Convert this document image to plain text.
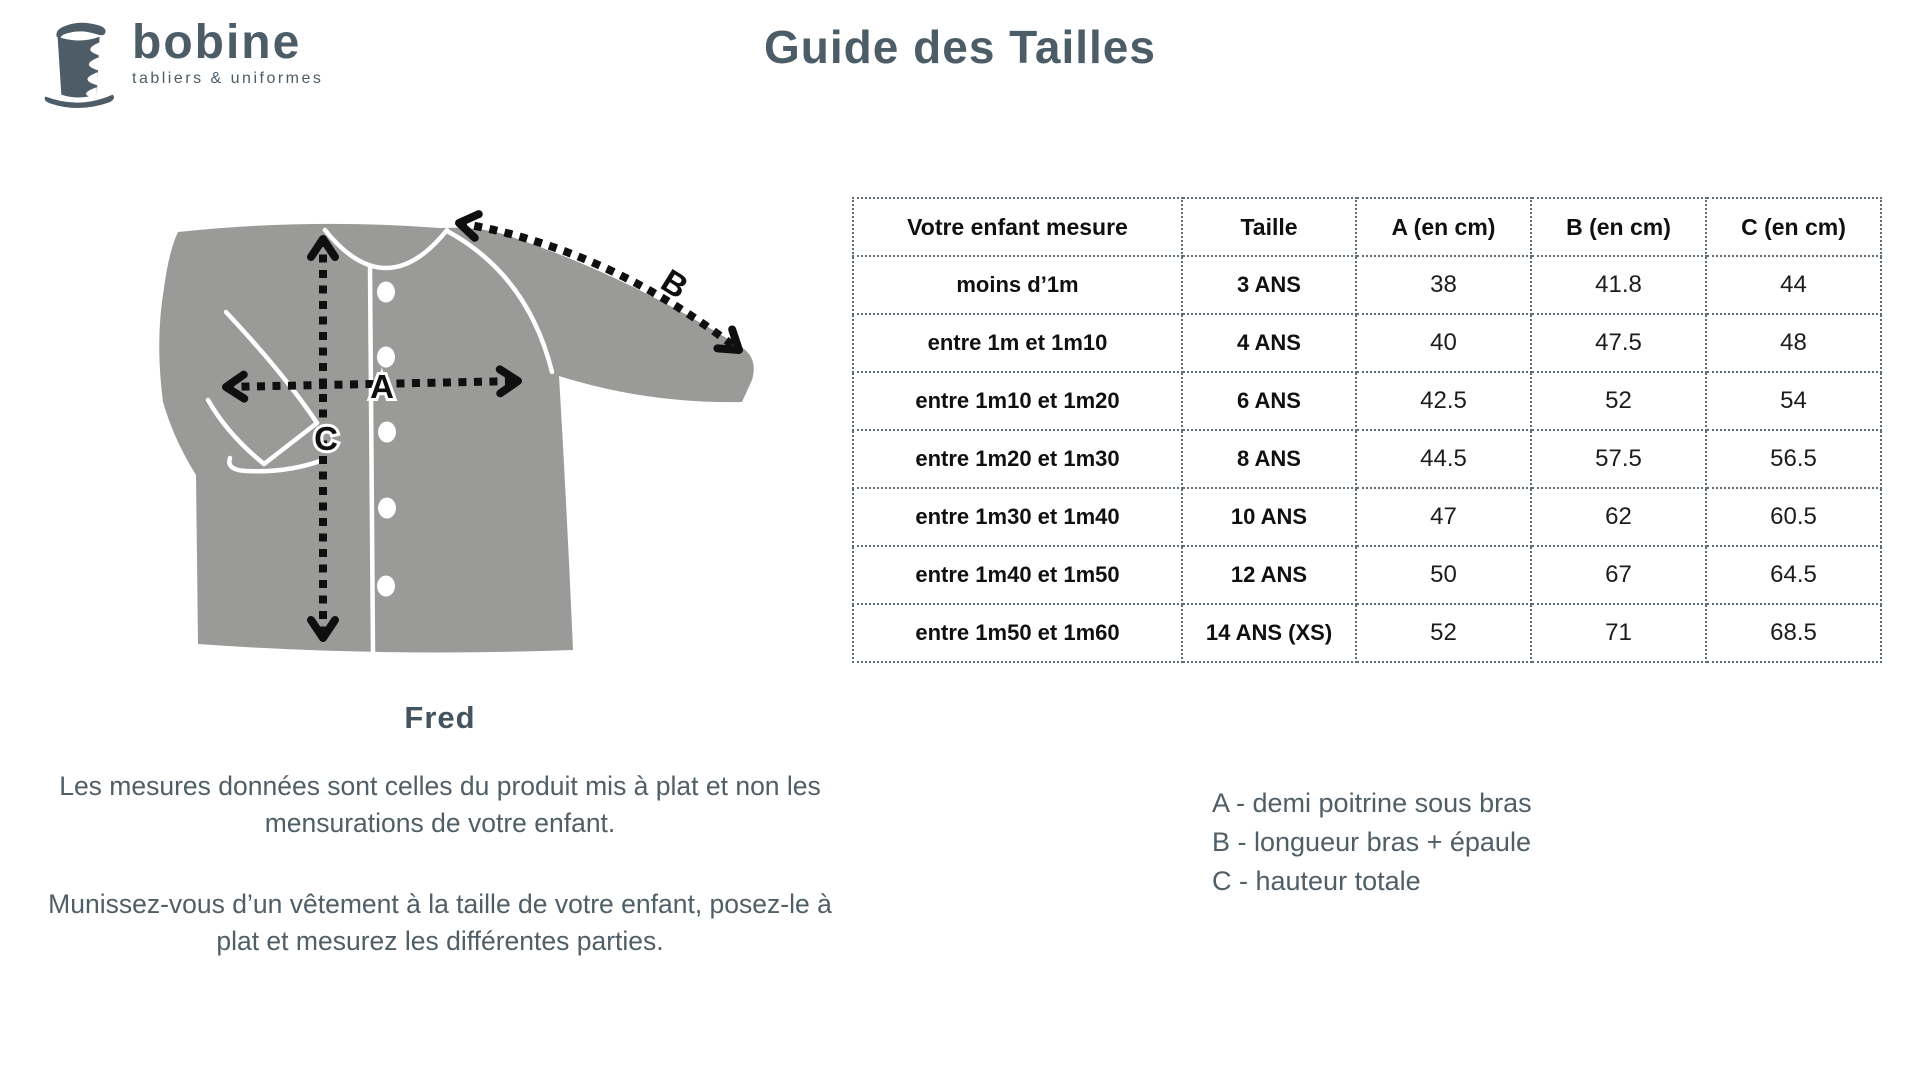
bobine
tabliers & uniformes
Guide des Tailles
A
B
C
Fred

Les mesures données sont celles du produit mis à plat et non les mensurations de votre enfant.

Munissez-vous d’un vêtement à la taille de votre enfant, posez-le à plat et mesurez les différentes parties.

Votre enfant mesure	Taille	A (en cm)	B (en cm)	C (en cm)
moins d’1m	3 ANS	38	41.8	44
entre 1m et 1m10	4 ANS	40	47.5	48
entre 1m10 et 1m20	6 ANS	42.5	52	54
entre 1m20 et 1m30	8 ANS	44.5	57.5	56.5
entre 1m30 et 1m40	10 ANS	47	62	60.5
entre 1m40 et 1m50	12 ANS	50	67	64.5
entre 1m50 et 1m60	14 ANS (XS)	52	71	68.5
A - demi poitrine sous bras
B - longueur bras + épaule
C - hauteur totale
